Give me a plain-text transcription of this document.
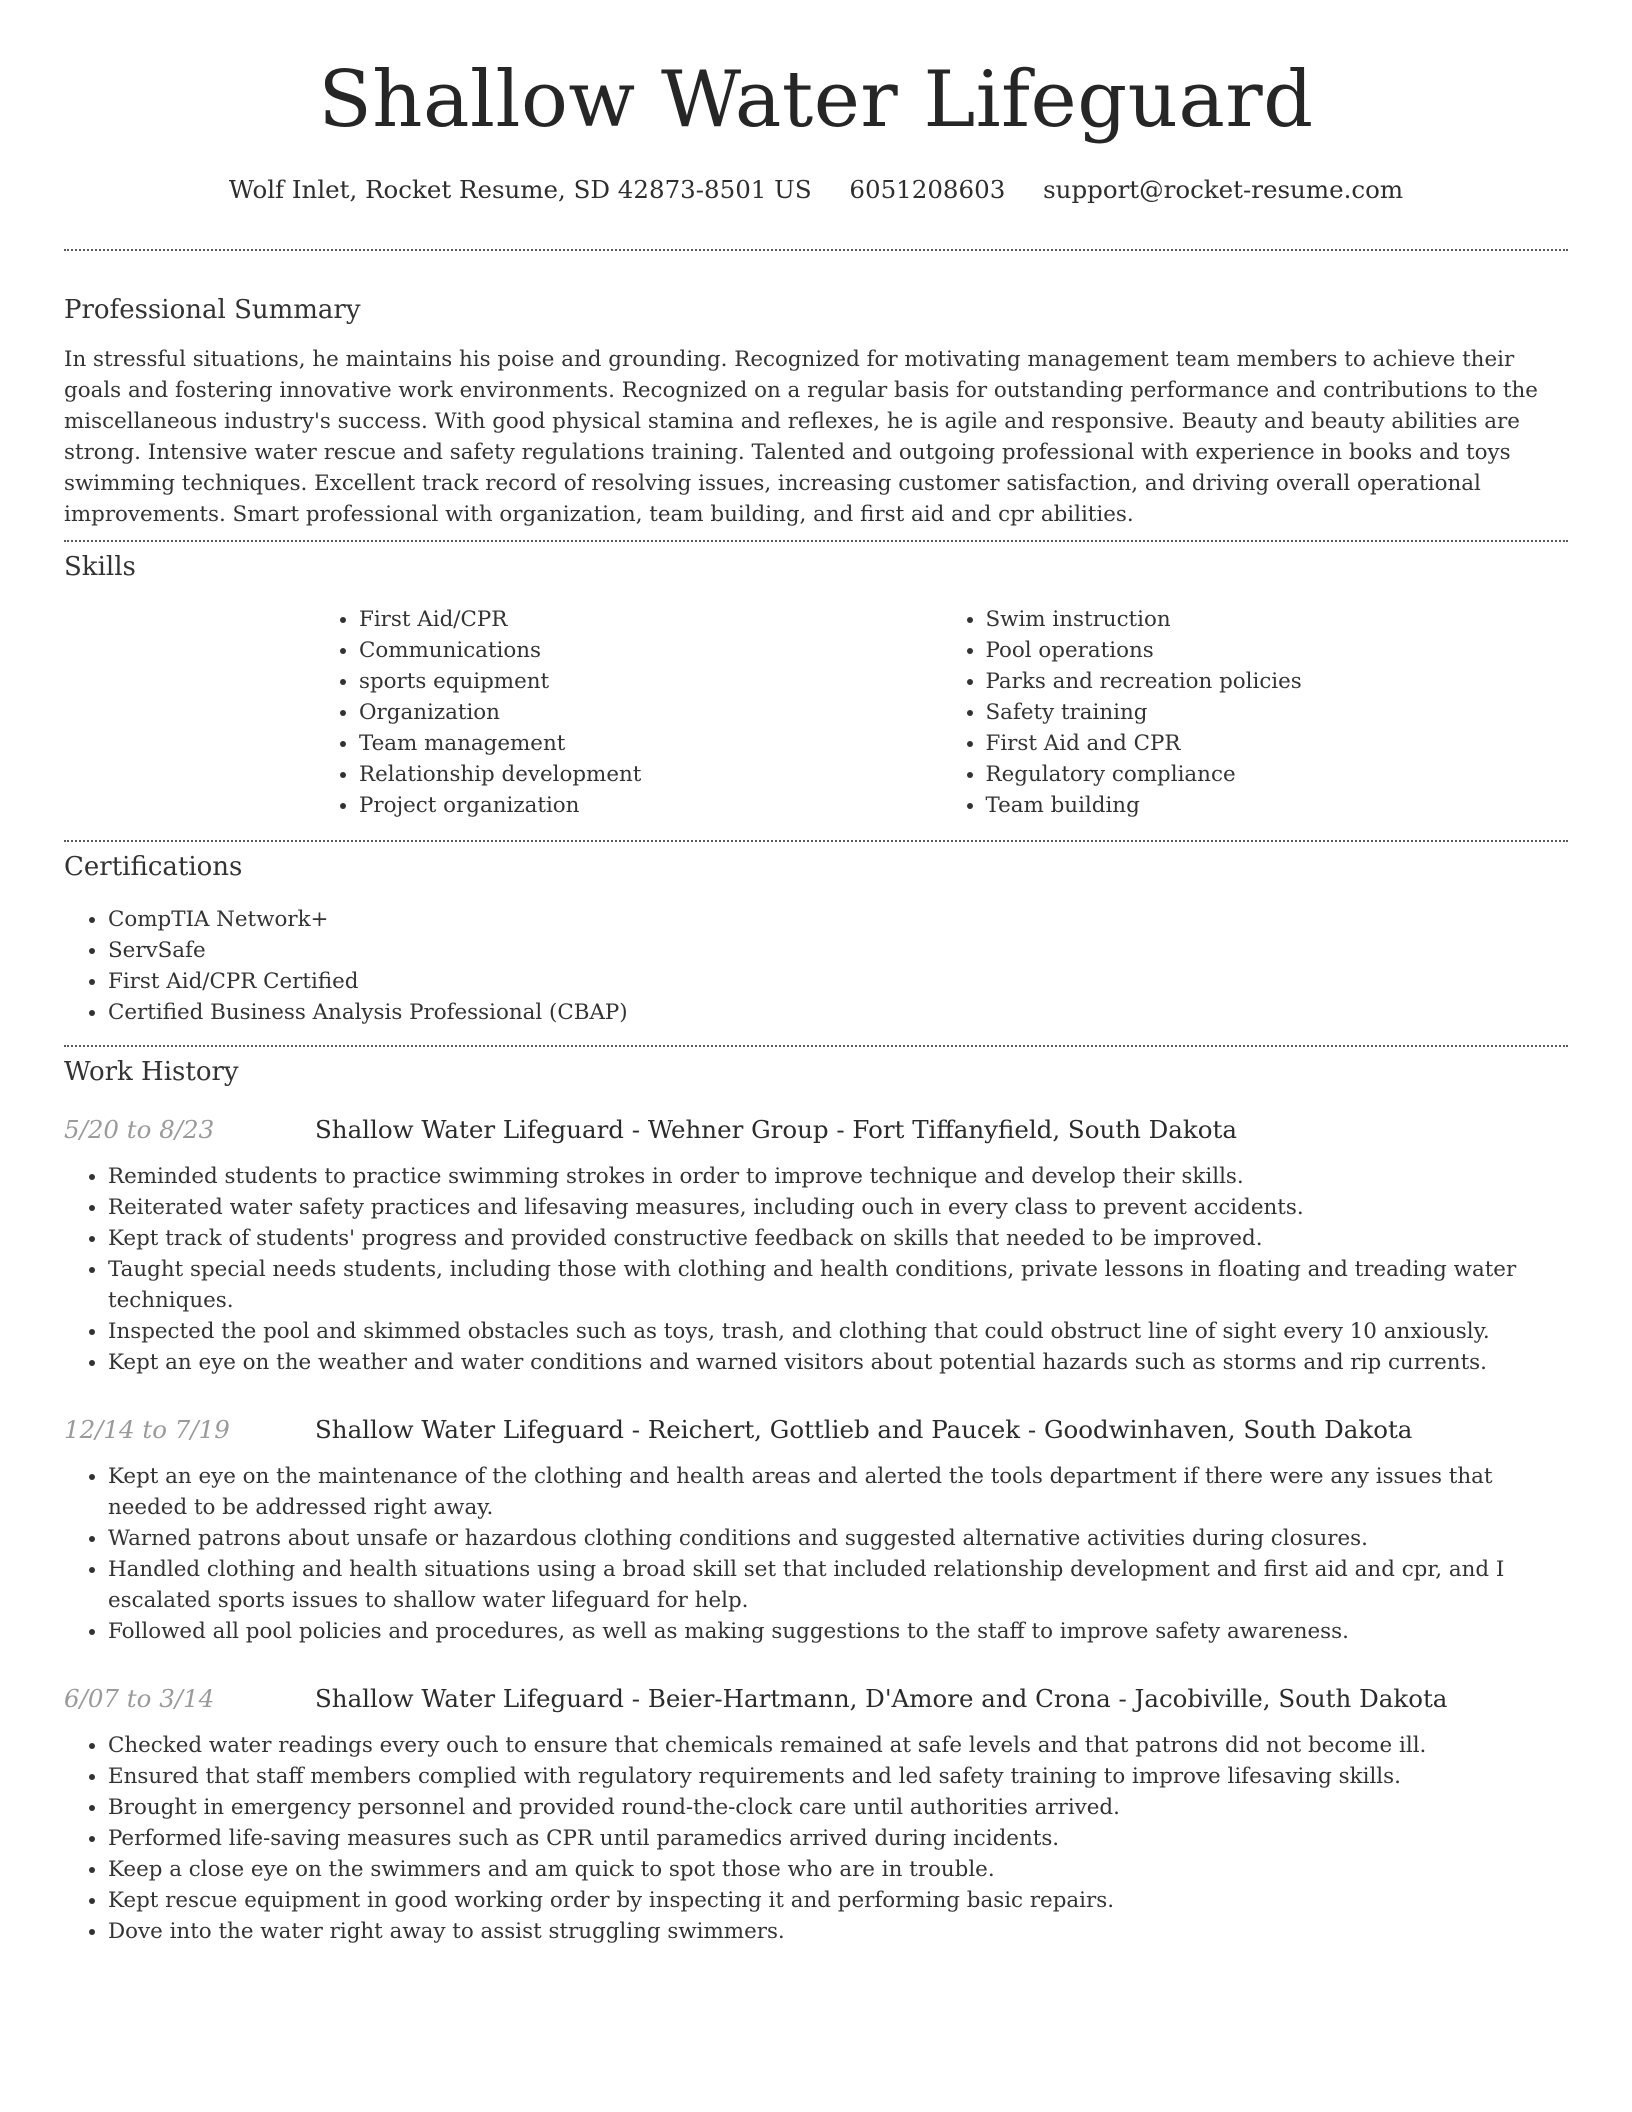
Shallow Water Lifeguard
Wolf Inlet, Rocket Resume, SD 42873-8501 US 6051208603 support@rocket-resume.com
Professional Summary

In stressful situations, he maintains his poise and grounding. Recognized for motivating management team members to achieve their goals and fostering innovative work environments. Recognized on a regular basis for outstanding performance and contributions to the miscellaneous industry's success. With good physical stamina and reflexes, he is agile and responsive. Beauty and beauty abilities are strong. Intensive water rescue and safety regulations training. Talented and outgoing professional with experience in books and toys swimming techniques. Excellent track record of resolving issues, increasing customer satisfaction, and driving overall operational improvements. Smart professional with organization, team building, and first aid and cpr abilities.

Skills
• First Aid/CPR
• Communications
• sports equipment
• Organization
• Team management
• Relationship development
• Project organization
• Swim instruction
• Pool operations
• Parks and recreation policies
• Safety training
• First Aid and CPR
• Regulatory compliance
• Team building
Certifications
• CompTIA Network+
• ServSafe
• First Aid/CPR Certified
• Certified Business Analysis Professional (CBAP)
Work History
5/20 to 8/23	Shallow Water Lifeguard - Wehner Group - Fort Tiffanyfield, South Dakota
• Reminded students to practice swimming strokes in order to improve technique and develop their skills.
• Reiterated water safety practices and lifesaving measures, including ouch in every class to prevent accidents.
• Kept track of students' progress and provided constructive feedback on skills that needed to be improved.
• Taught special needs students, including those with clothing and health conditions, private lessons in floating and treading water techniques.
• Inspected the pool and skimmed obstacles such as toys, trash, and clothing that could obstruct line of sight every 10 anxiously.
• Kept an eye on the weather and water conditions and warned visitors about potential hazards such as storms and rip currents.
12/14 to 7/19	Shallow Water Lifeguard - Reichert, Gottlieb and Paucek - Goodwinhaven, South Dakota
• Kept an eye on the maintenance of the clothing and health areas and alerted the tools department if there were any issues that needed to be addressed right away.
• Warned patrons about unsafe or hazardous clothing conditions and suggested alternative activities during closures.
• Handled clothing and health situations using a broad skill set that included relationship development and first aid and cpr, and I escalated sports issues to shallow water lifeguard for help.
• Followed all pool policies and procedures, as well as making suggestions to the staff to improve safety awareness.
6/07 to 3/14	Shallow Water Lifeguard - Beier-Hartmann, D'Amore and Crona - Jacobiville, South Dakota
• Checked water readings every ouch to ensure that chemicals remained at safe levels and that patrons did not become ill.
• Ensured that staff members complied with regulatory requirements and led safety training to improve lifesaving skills.
• Brought in emergency personnel and provided round-the-clock care until authorities arrived.
• Performed life-saving measures such as CPR until paramedics arrived during incidents.
• Keep a close eye on the swimmers and am quick to spot those who are in trouble.
• Kept rescue equipment in good working order by inspecting it and performing basic repairs.
• Dove into the water right away to assist struggling swimmers.
